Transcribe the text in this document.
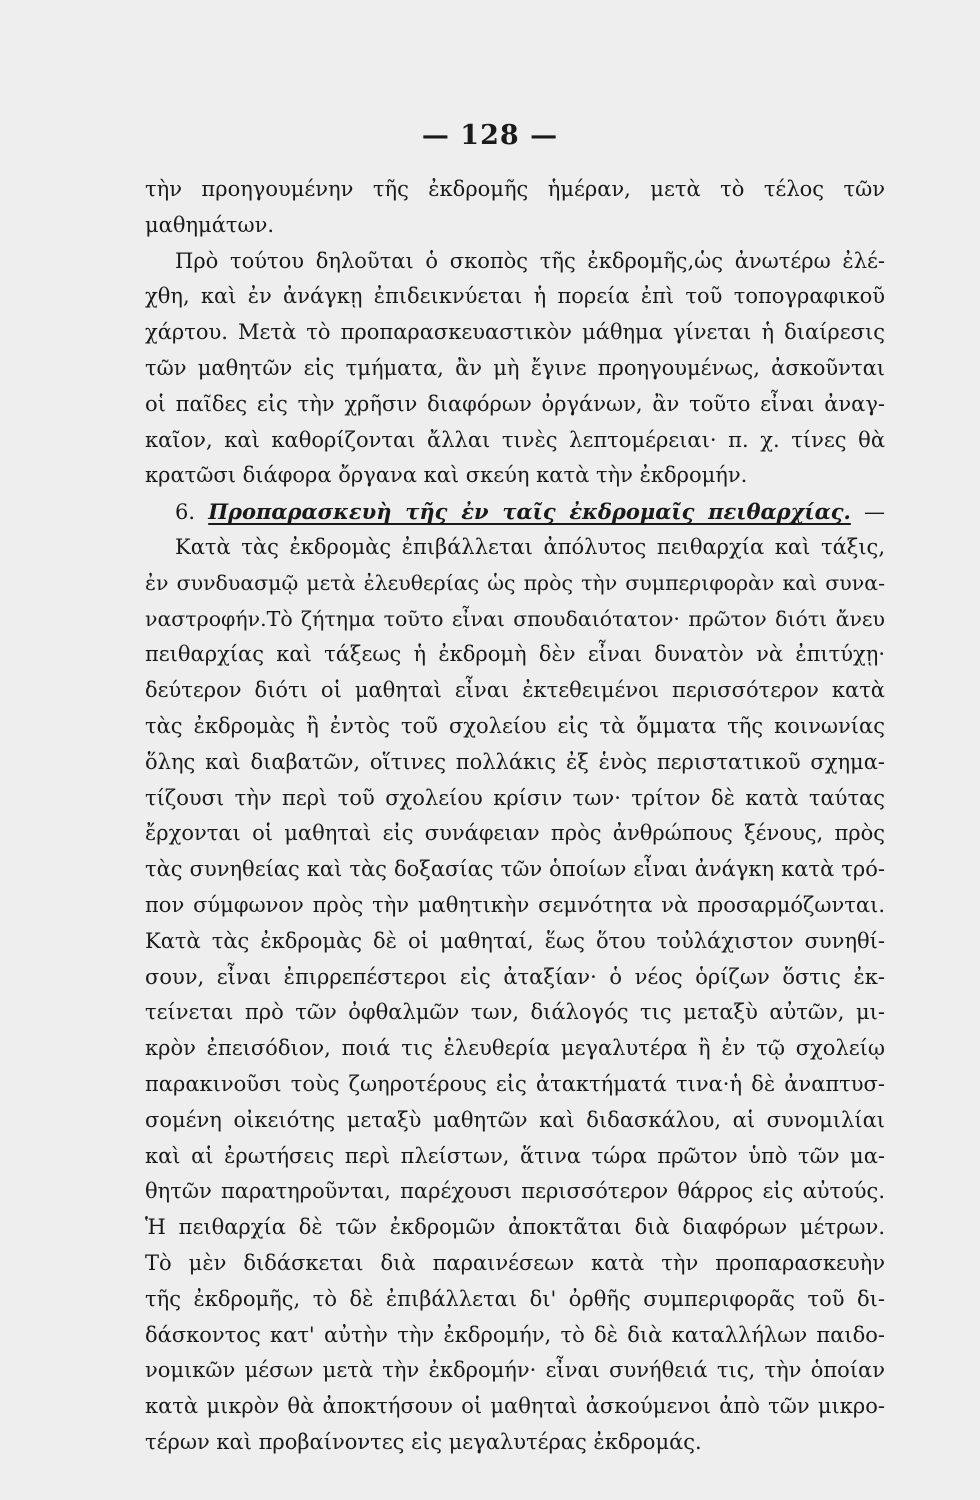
— 128 —
τὴν προηγουμένην τῆς ἐκδρομῆς ἡμέραν, μετὰ τὸ τέλος τῶν
μαθημάτων.
Πρὸ τούτου δηλοῦται ὁ σκοπὸς τῆς ἐκδρομῆς,ὡς ἀνωτέρω ἐλέ-
χθη, καὶ ἐν ἀνάγκῃ ἐπιδεικνύεται ἡ πορεία ἐπὶ τοῦ τοπογραφικοῦ
χάρτου. Μετὰ τὸ προπαρασκευαστικὸν μάθημα γίνεται ἡ διαίρεσις
τῶν μαθητῶν εἰς τμήματα, ἂν μὴ ἔγινε προηγουμένως, ἀσκοῦνται
οἱ παῖδες εἰς τὴν χρῆσιν διαφόρων ὀργάνων, ἂν τοῦτο εἶναι ἀναγ-
καῖον, καὶ καθορίζονται ἄλλαι τινὲς λεπτομέρειαι· π. χ. τίνες θὰ
κρατῶσι διάφορα ὄργανα καὶ σκεύη κατὰ τὴν ἐκδρομήν.
6. Προπαρασκευὴ τῆς ἐν ταῖς ἐκδρομαῖς πειθαρχίας. —
Κατὰ τὰς ἐκδρομὰς ἐπιβάλλεται ἀπόλυτος πειθαρχία καὶ τάξις,
ἐν συνδυασμῷ μετὰ ἐλευθερίας ὡς πρὸς τὴν συμπεριφορὰν καὶ συνα-
ναστροφήν.Τὸ ζήτημα τοῦτο εἶναι σπουδαιότατον· πρῶτον διότι ἄνευ
πειθαρχίας καὶ τάξεως ἡ ἐκδρομὴ δὲν εἶναι δυνατὸν νὰ ἐπιτύχῃ·
δεύτερον διότι οἱ μαθηταὶ εἶναι ἐκτεθειμένοι περισσότερον κατὰ
τὰς ἐκδρομὰς ἢ ἐντὸς τοῦ σχολείου εἰς τὰ ὄμματα τῆς κοινωνίας
ὅλης καὶ διαβατῶν, οἵτινες πολλάκις ἐξ ἑνὸς περιστατικοῦ σχημα-
τίζουσι τὴν περὶ τοῦ σχολείου κρίσιν των· τρίτον δὲ κατὰ ταύτας
ἔρχονται οἱ μαθηταὶ εἰς συνάφειαν πρὸς ἀνθρώπους ξένους, πρὸς
τὰς συνηθείας καὶ τὰς δοξασίας τῶν ὁποίων εἶναι ἀνάγκη κατὰ τρό-
πον σύμφωνον πρὸς τὴν μαθητικὴν σεμνότητα νὰ προσαρμόζωνται.
Κατὰ τὰς ἐκδρομὰς δὲ οἱ μαθηταί, ἕως ὅτου τοὐλάχιστον συνηθί-
σουν, εἶναι ἐπιρρεπέστεροι εἰς ἀταξίαν· ὁ νέος ὁρίζων ὅστις ἐκ-
τείνεται πρὸ τῶν ὀφθαλμῶν των, διάλογός τις μεταξὺ αὐτῶν, μι-
κρὸν ἐπεισόδιον, ποιά τις ἐλευθερία μεγαλυτέρα ἢ ἐν τῷ σχολείῳ
παρακινοῦσι τοὺς ζωηροτέρους εἰς ἀτακτήματά τινα·ἡ δὲ ἀναπτυσ-
σομένη οἰκειότης μεταξὺ μαθητῶν καὶ διδασκάλου, αἱ συνομιλίαι
καὶ αἱ ἐρωτήσεις περὶ πλείστων, ἅτινα τώρα πρῶτον ὑπὸ τῶν μα-
θητῶν παρατηροῦνται, παρέχουσι περισσότερον θάρρος εἰς αὐτούς.
Ἡ πειθαρχία δὲ τῶν ἐκδρομῶν ἀποκτᾶται διὰ διαφόρων μέτρων.
Τὸ μὲν διδάσκεται διὰ παραινέσεων κατὰ τὴν προπαρασκευὴν
τῆς ἐκδρομῆς, τὸ δὲ ἐπιβάλλεται δι' ὀρθῆς συμπεριφορᾶς τοῦ δι-
δάσκοντος κατ' αὐτὴν τὴν ἐκδρομήν, τὸ δὲ διὰ καταλλήλων παιδο-
νομικῶν μέσων μετὰ τὴν ἐκδρομήν· εἶναι συνήθειά τις, τὴν ὁποίαν
κατὰ μικρὸν θὰ ἀποκτήσουν οἱ μαθηταὶ ἀσκούμενοι ἀπὸ τῶν μικρο-
τέρων καὶ προβαίνοντες εἰς μεγαλυτέρας ἐκδρομάς.
